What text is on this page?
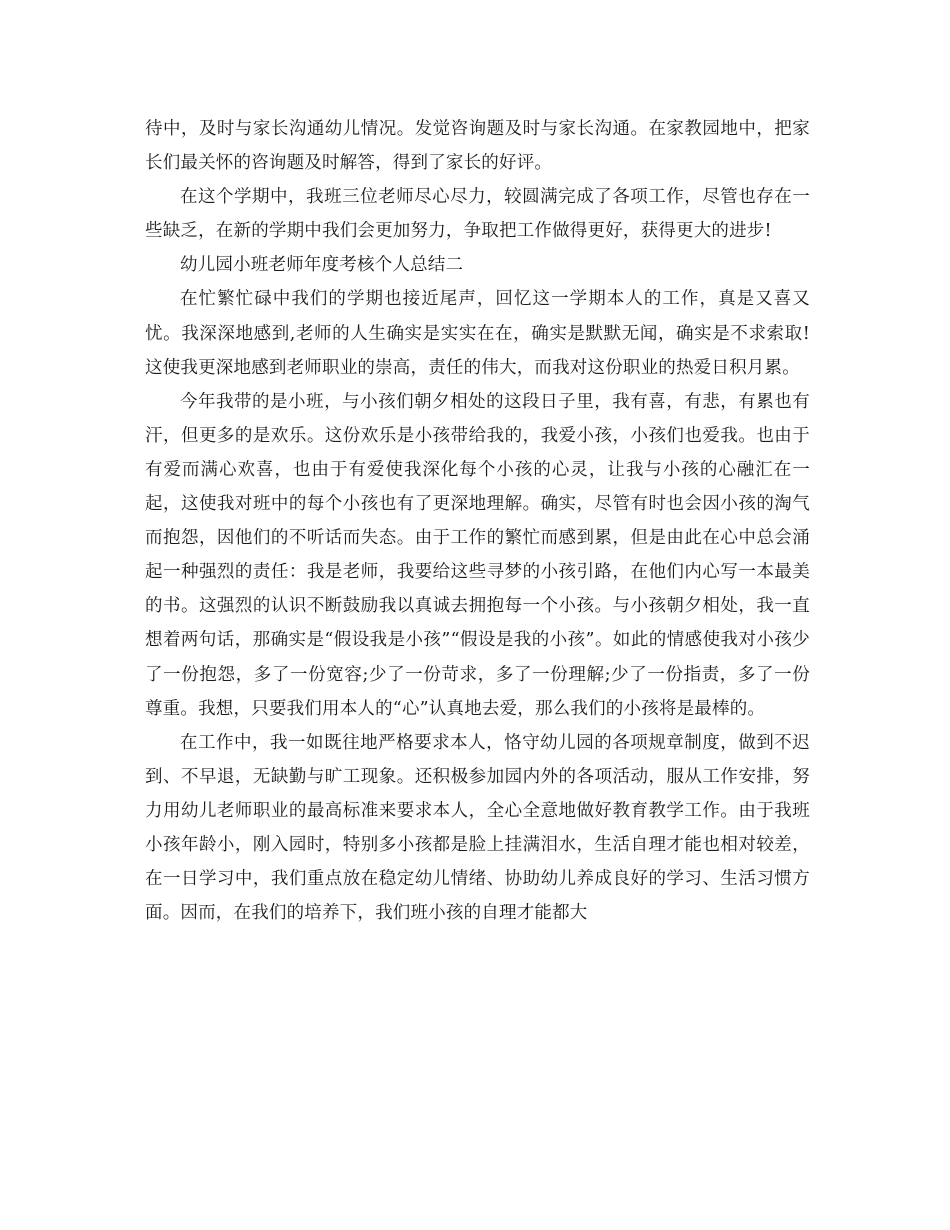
待中，及时与家长沟通幼儿情况。发觉咨询题及时与家长沟通。在家教园地中，把家长们最关怀的咨询题及时解答，得到了家长的好评。

在这个学期中，我班三位老师尽心尽力，较圆满完成了各项工作，尽管也存在一些缺乏，在新的学期中我们会更加努力，争取把工作做得更好，获得更大的进步!

幼儿园小班老师年度考核个人总结二

在忙繁忙碌中我们的学期也接近尾声，回忆这一学期本人的工作，真是又喜又忧。我深深地感到,老师的人生确实是实实在在，确实是默默无闻，确实是不求索取!这使我更深地感到老师职业的崇高，责任的伟大，而我对这份职业的热爱日积月累。

今年我带的是小班，与小孩们朝夕相处的这段日子里，我有喜，有悲，有累也有汗，但更多的是欢乐。这份欢乐是小孩带给我的，我爱小孩，小孩们也爱我。也由于有爱而满心欢喜，也由于有爱使我深化每个小孩的心灵，让我与小孩的心融汇在一起，这使我对班中的每个小孩也有了更深地理解。确实，尽管有时也会因小孩的淘气而抱怨，因他们的不听话而失态。由于工作的繁忙而感到累，但是由此在心中总会涌起一种强烈的责任：我是老师，我要给这些寻梦的小孩引路，在他们内心写一本最美的书。这强烈的认识不断鼓励我以真诚去拥抱每一个小孩。与小孩朝夕相处，我一直想着两句话，那确实是“假设我是小孩”“假设是我的小孩”。如此的情感使我对小孩少了一份抱怨，多了一份宽容;少了一份苛求，多了一份理解;少了一份指责，多了一份尊重。我想，只要我们用本人的“心”认真地去爱，那么我们的小孩将是最棒的。

在工作中，我一如既往地严格要求本人，恪守幼儿园的各项规章制度，做到不迟到、不早退，无缺勤与旷工现象。还积极参加园内外的各项活动，服从工作安排，努力用幼儿老师职业的最高标准来要求本人，全心全意地做好教育教学工作。由于我班小孩年龄小，刚入园时，特别多小孩都是脸上挂满泪水，生活自理才能也相对较差，在一日学习中，我们重点放在稳定幼儿情绪、协助幼儿养成良好的学习、生活习惯方面。因而，在我们的培养下，我们班小孩的自理才能都大
